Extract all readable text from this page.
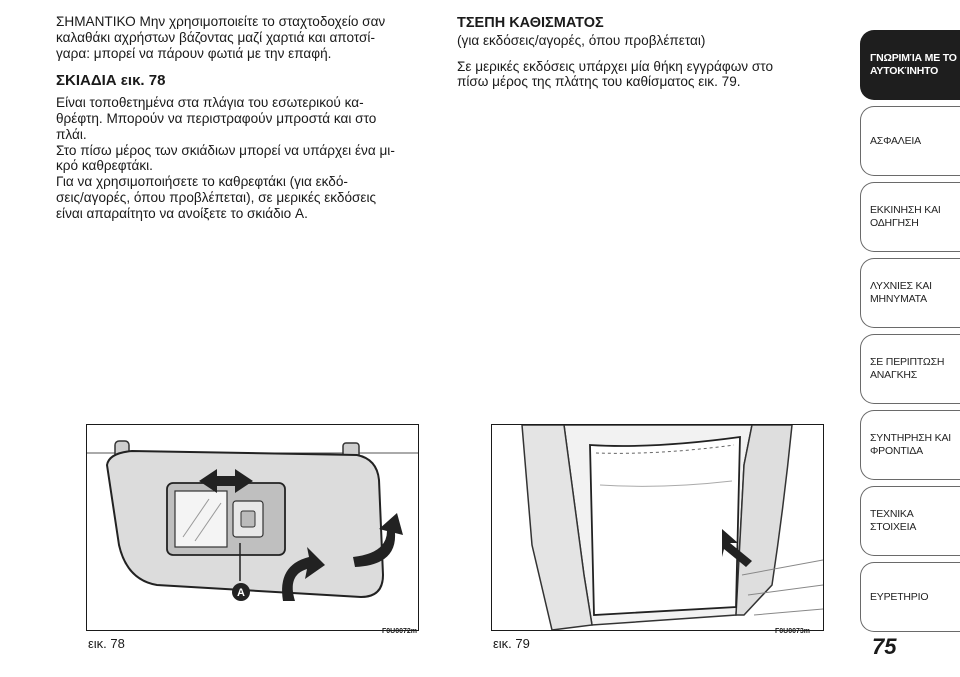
ΣΗΜΑΝΤΙΚΟ Μην χρησιμοποιείτε το σταχτοδοχείο σαν
καλαθάκι αχρήστων βάζοντας μαζί χαρτιά και αποτσί-
γαρα: μπορεί να πάρουν φωτιά με την επαφή.

ΣΚΙΑΔΙΑ εικ. 78

Είναι τοποθετημένα στα πλάγια του εσωτερικού κα-
θρέφτη. Μπορούν να περιστραφούν μπροστά και στο
πλάι.
Στο πίσω μέρος των σκιάδιων μπορεί να υπάρχει ένα μι-
κρό καθρεφτάκι.
Για να χρησιμοποιήσετε το καθρεφτάκι (για εκδό-
σεις/αγορές, όπου προβλέπεται), σε μερικές εκδόσεις
είναι απαραίτητο να ανοίξετε το σκιάδιο A.

ΤΣΕΠΗ ΚΑΘΙΣΜΑΤΟΣ
(για εκδόσεις/αγορές, όπου προβλέπεται)

Σε μερικές εκδόσεις υπάρχει μία θήκη εγγράφων στο
πίσω μέρος της πλάτης του καθίσματος εικ. 79.

A
εικ. 78
F0U0072m
εικ. 79
F0U0073m
75
ΓΝΩΡΙΜΊΑ ΜΕ ΤΟ
ΑΥΤΟΚΊΝΗΤΟ
ΑΣΦΑΛΕΙΑ
ΕΚΚΙΝΗΣΗ ΚΑΙ
ΟΔΗΓΗΣΗ
ΛΥΧΝΙΕΣ ΚΑΙ
ΜΗΝΥΜΑΤΑ
ΣΕ ΠΕΡΙΠΤΩΣΗ
ΑΝΑΓΚΗΣ
ΣΥΝΤΗΡΗΣΗ ΚΑΙ
ΦΡΟΝΤΙΔΑ
ΤΕΧΝΙΚΑ ΣΤΟΙΧΕΙΑ
ΕΥΡΕΤΗΡΙΟ
